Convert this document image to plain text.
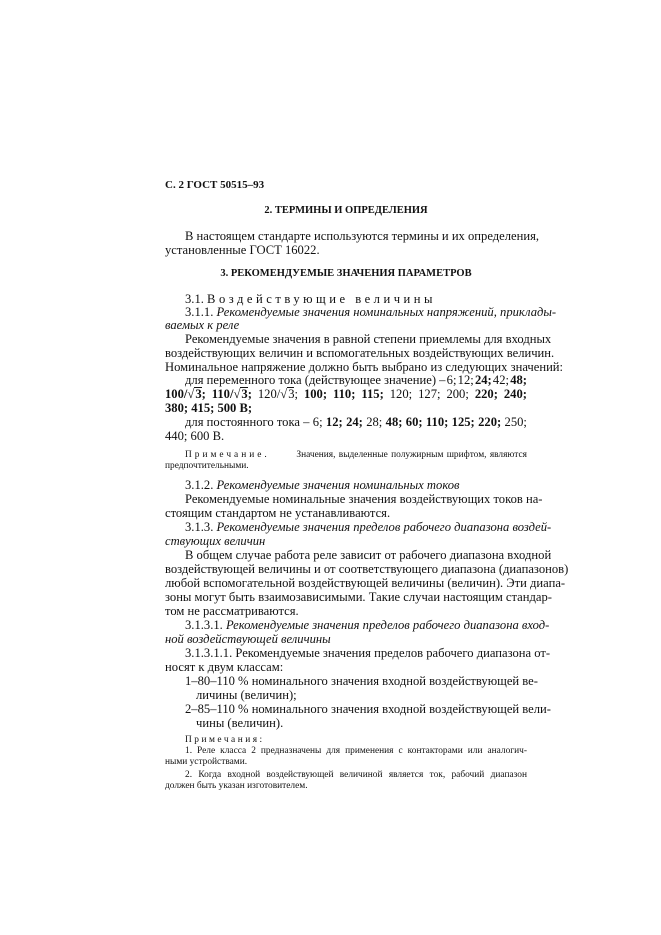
С. 2 ГОСТ 50515–93
2. ТЕРМИНЫ И ОПРЕДЕЛЕНИЯ
В настоящем стандарте используются термины и их определения,
установленные ГОСТ 16022.
3. РЕКОМЕНДУЕМЫЕ ЗНАЧЕНИЯ ПАРАМЕТРОВ
3.1. Воздействующие величины
3.1.1. Рекомендуемые значения номинальных напряжений, приклады-
ваемых к реле
Рекомендуемые значения в равной степени приемлемы для входных
воздействующих величин и вспомогательных воздействующих величин.
Номинальное напряжение должно быть выбрано из следующих значений:
для переменного тока (действующее значение) – 6; 12; 24; 42; 48;
100/√3; 110/√3; 120/√3; 100; 110; 115; 120; 127; 200; 220; 240;
380; 415; 500 В;
для постоянного тока – 6; 12; 24; 28; 48; 60; 110; 125; 220; 250;
440; 600 В.
Примечание.	Значения, выделенные полужирным шрифтом, являются
предпочтительными.
3.1.2. Рекомендуемые значения номинальных токов
Рекомендуемые номинальные значения воздействующих токов на-
стоящим стандартом не устанавливаются.
3.1.3. Рекомендуемые значения пределов рабочего диапазона воздей-
ствующих величин
В общем случае работа реле зависит от рабочего диапазона входной
воздействующей величины и от соответствующего диапазона (диапазонов)
любой вспомогательной воздействующей величины (величин). Эти диапа-
зоны могут быть взаимозависимыми. Такие случаи настоящим стандар-
том не рассматриваются.
3.1.3.1. Рекомендуемые значения пределов рабочего диапазона вход-
ной воздействующей величины
3.1.3.1.1. Рекомендуемые значения пределов рабочего диапазона от-
носят к двум классам:
1–80–110 % номинального значения входной воздействующей ве-
личины (величин);
2–85–110 % номинального значения входной воздействующей вели-
чины (величин).
Примечания:
1. Реле класса 2 предназначены для применения с контакторами или аналогич-
ными устройствами.
2. Когда входной воздействующей величиной является ток, рабочий диапазон
должен быть указан изготовителем.
